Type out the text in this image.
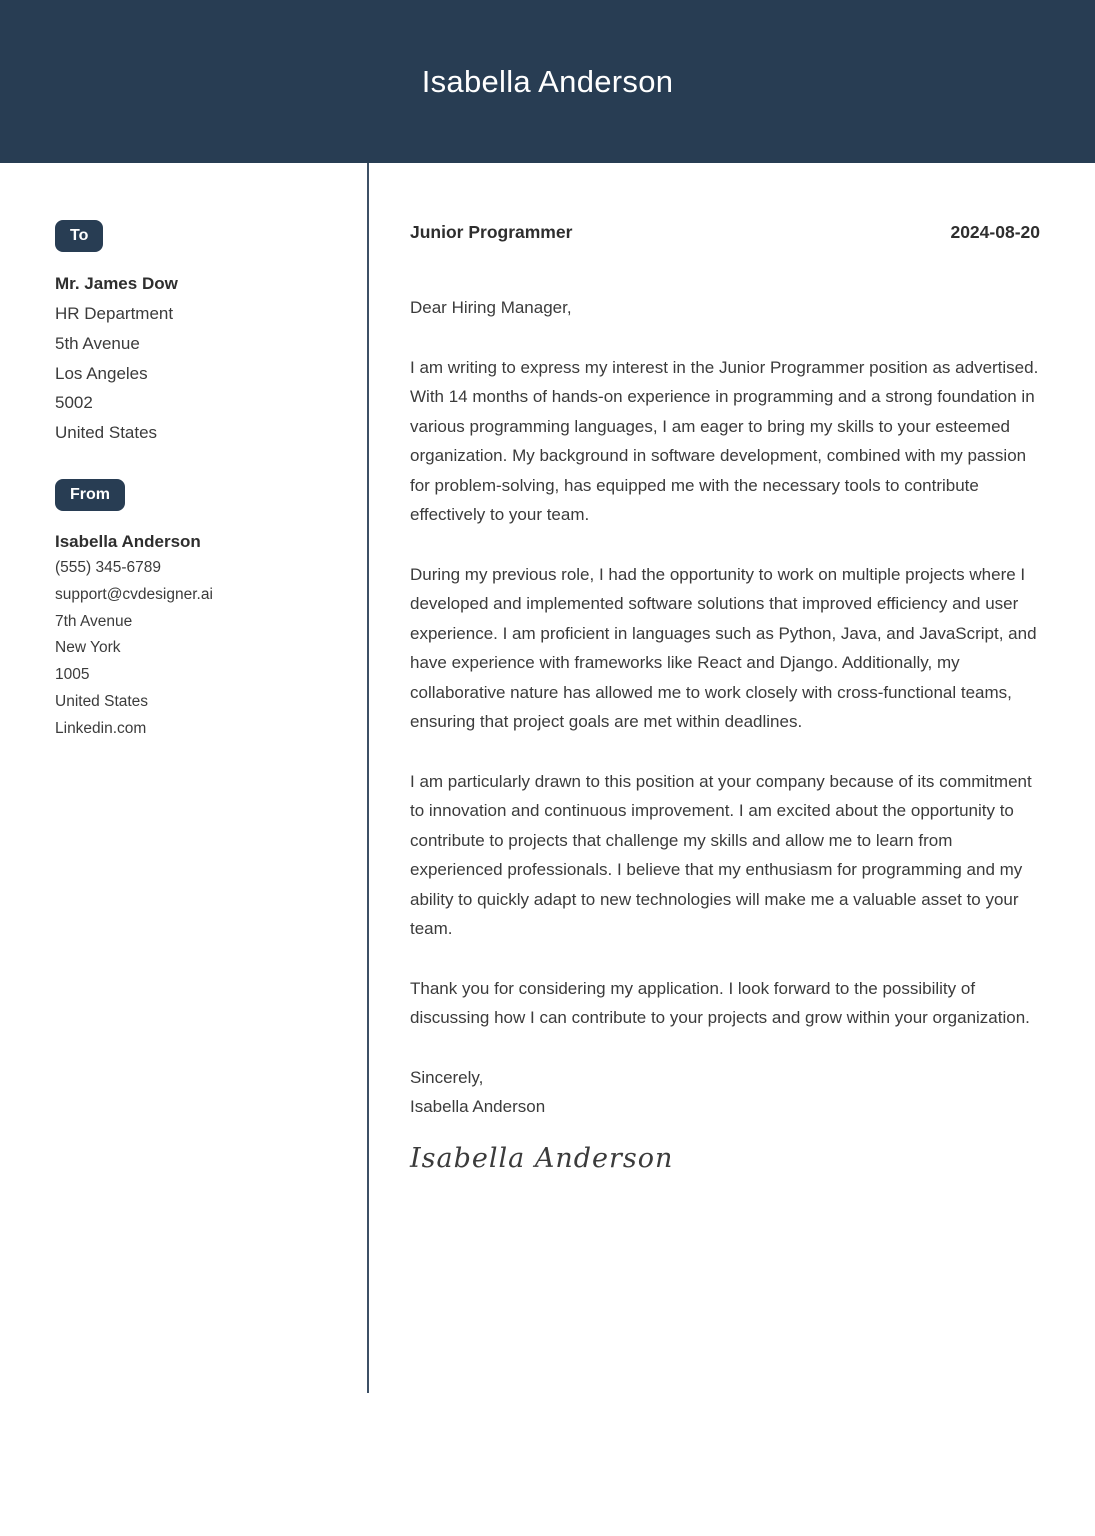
Isabella Anderson
To
Mr. James Dow
HR Department
5th Avenue
Los Angeles
5002
United States
From
Isabella Anderson
(555) 345-6789
support@cvdesigner.ai
7th Avenue
New York
1005
United States
Linkedin.com
Junior Programmer	2024-08-20

Dear Hiring Manager,

I am writing to express my interest in the Junior Programmer position as advertised. With 14 months of hands-on experience in programming and a strong foundation in various programming languages, I am eager to bring my skills to your esteemed organization. My background in software development, combined with my passion for problem-solving, has equipped me with the necessary tools to contribute effectively to your team.

During my previous role, I had the opportunity to work on multiple projects where I developed and implemented software solutions that improved efficiency and user experience. I am proficient in languages such as Python, Java, and JavaScript, and have experience with frameworks like React and Django. Additionally, my collaborative nature has allowed me to work closely with cross-functional teams, ensuring that project goals are met within deadlines.

I am particularly drawn to this position at your company because of its commitment to innovation and continuous improvement. I am excited about the opportunity to contribute to projects that challenge my skills and allow me to learn from experienced professionals. I believe that my enthusiasm for programming and my ability to quickly adapt to new technologies will make me a valuable asset to your team.

Thank you for considering my application. I look forward to the possibility of discussing how I can contribute to your projects and grow within your organization.

Sincerely,
Isabella Anderson
Isabella Anderson
